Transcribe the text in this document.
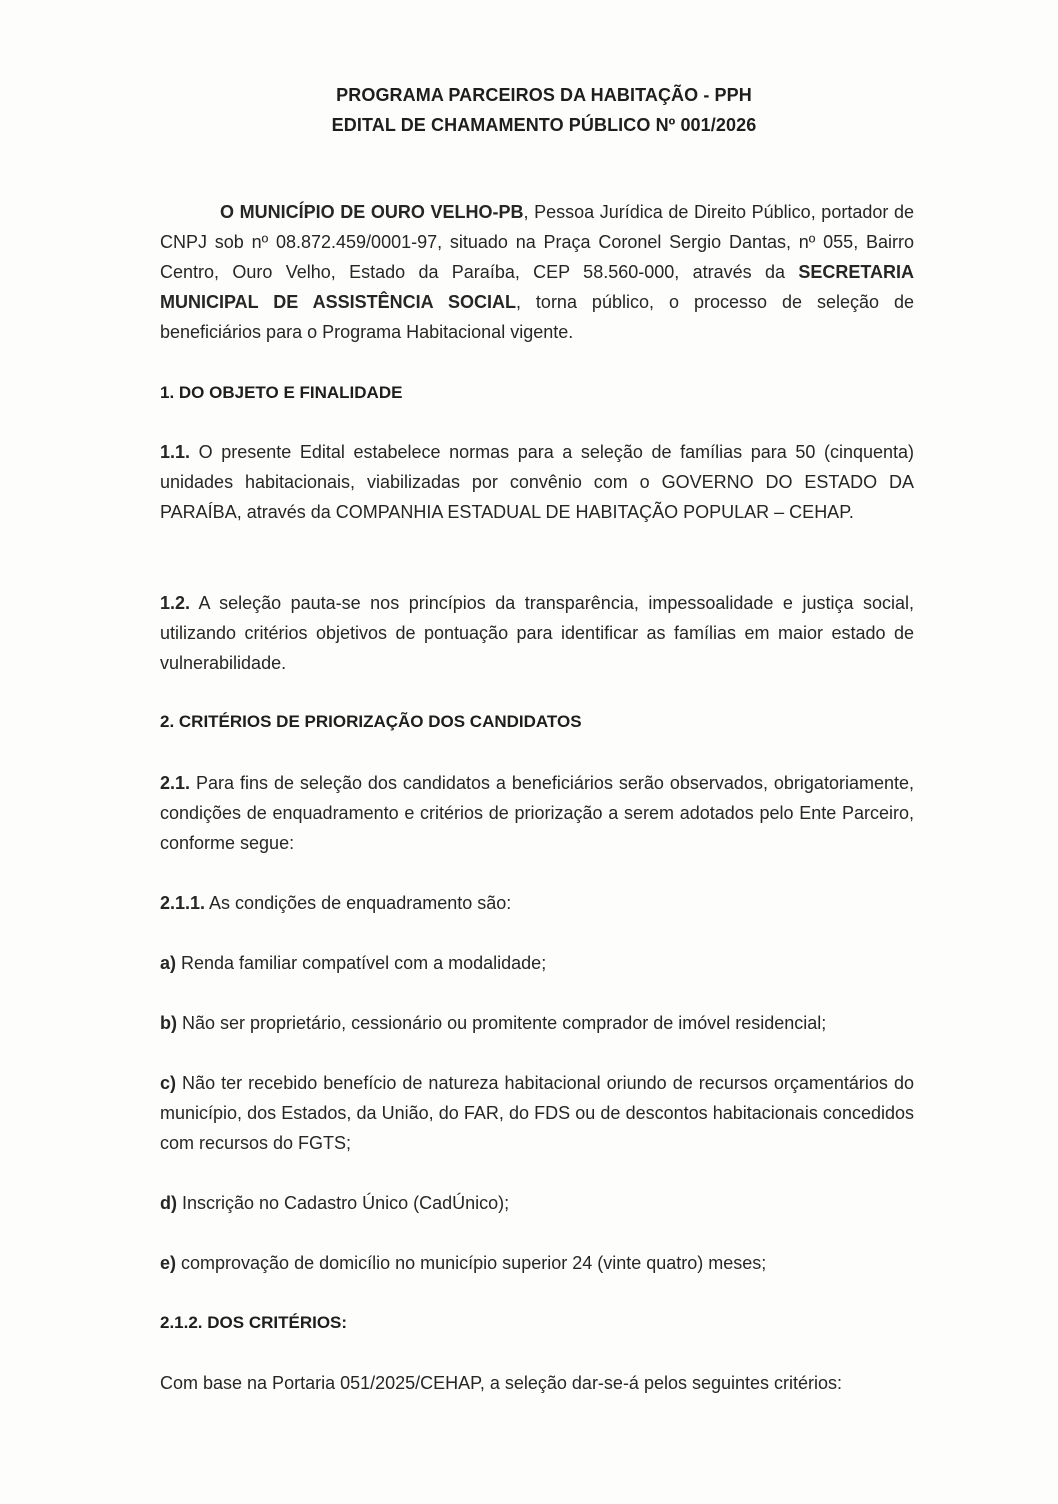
PROGRAMA PARCEIROS DA HABITAÇÃO - PPH
EDITAL DE CHAMAMENTO PÚBLICO Nº 001/2026
O MUNICÍPIO DE OURO VELHO-PB, Pessoa Jurídica de Direito Público, portador de CNPJ sob nº 08.872.459/0001-97, situado na Praça Coronel Sergio Dantas, nº 055, Bairro Centro, Ouro Velho, Estado da Paraíba, CEP 58.560-000, através da SECRETARIA MUNICIPAL DE ASSISTÊNCIA SOCIAL, torna público, o processo de seleção de beneficiários para o Programa Habitacional vigente.
1. DO OBJETO E FINALIDADE
1.1. O presente Edital estabelece normas para a seleção de famílias para 50 (cinquenta) unidades habitacionais, viabilizadas por convênio com o GOVERNO DO ESTADO DA PARAÍBA, através da COMPANHIA ESTADUAL DE HABITAÇÃO POPULAR – CEHAP.
1.2. A seleção pauta-se nos princípios da transparência, impessoalidade e justiça social, utilizando critérios objetivos de pontuação para identificar as famílias em maior estado de vulnerabilidade.
2. CRITÉRIOS DE PRIORIZAÇÃO DOS CANDIDATOS
2.1. Para fins de seleção dos candidatos a beneficiários serão observados, obrigatoriamente, condições de enquadramento e critérios de priorização a serem adotados pelo Ente Parceiro, conforme segue:
2.1.1. As condições de enquadramento são:
a) Renda familiar compatível com a modalidade;
b) Não ser proprietário, cessionário ou promitente comprador de imóvel residencial;
c) Não ter recebido benefício de natureza habitacional oriundo de recursos orçamentários do município, dos Estados, da União, do FAR, do FDS ou de descontos habitacionais concedidos com recursos do FGTS;
d) Inscrição no Cadastro Único (CadÚnico);
e) comprovação de domicílio no município superior 24 (vinte quatro) meses;
2.1.2. DOS CRITÉRIOS:
Com base na Portaria 051/2025/CEHAP, a seleção dar-se-á pelos seguintes critérios:
